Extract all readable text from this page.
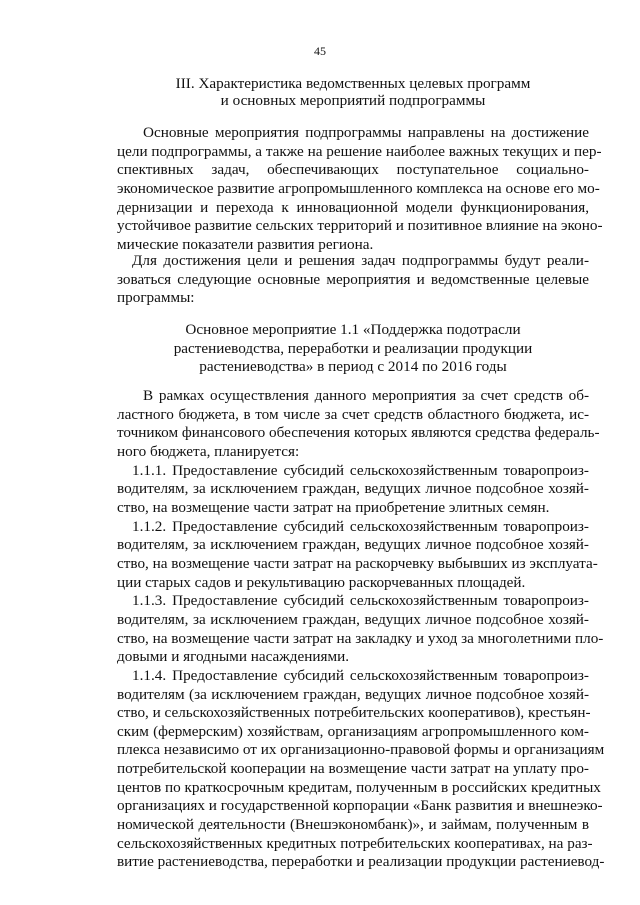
45
III. Характеристика ведомственных целевых программ
и основных мероприятий подпрограммы
Основные мероприятия подпрограммы направлены на достижение
цели подпрограммы, а также на решение наиболее важных текущих и пер-
спективных задач, обеспечивающих поступательное социально-
экономическое развитие агропромышленного комплекса на основе его мо-
дернизации и перехода к инновационной модели функционирования,
устойчивое развитие сельских территорий и позитивное влияние на эконо-
мические показатели развития региона.
Для достижения цели и решения задач подпрограммы будут реали-
зоваться следующие основные мероприятия и ведомственные целевые
программы:
Основное мероприятие 1.1 «Поддержка подотрасли
растениеводства, переработки и реализации продукции
растениеводства» в период с 2014 по 2016 годы
В рамках осуществления данного мероприятия за счет средств об-
ластного бюджета, в том числе за счет средств областного бюджета, ис-
точником финансового обеспечения которых являются средства федераль-
ного бюджета, планируется:
1.1.1. Предоставление субсидий сельскохозяйственным товаропроиз-
водителям, за исключением граждан, ведущих личное подсобное хозяй-
ство, на возмещение части затрат на приобретение элитных семян.
1.1.2. Предоставление субсидий сельскохозяйственным товаропроиз-
водителям, за исключением граждан, ведущих личное подсобное хозяй-
ство, на возмещение части затрат на раскорчевку выбывших из эксплуата-
ции старых садов и рекультивацию раскорчеванных площадей.
1.1.3. Предоставление субсидий сельскохозяйственным товаропроиз-
водителям, за исключением граждан, ведущих личное подсобное хозяй-
ство, на возмещение части затрат на закладку и уход за многолетними пло-
довыми и ягодными насаждениями.
1.1.4. Предоставление субсидий сельскохозяйственным товаропроиз-
водителям (за исключением граждан, ведущих личное подсобное хозяй-
ство, и сельскохозяйственных потребительских кооперативов), крестьян-
ским (фермерским) хозяйствам, организациям агропромышленного ком-
плекса независимо от их организационно-правовой формы и организациям
потребительской кооперации на возмещение части затрат на уплату про-
центов по краткосрочным кредитам, полученным в российских кредитных
организациях и государственной корпорации «Банк развития и внешнеэко-
номической деятельности (Внешэкономбанк)», и займам, полученным в
сельскохозяйственных кредитных потребительских кооперативах, на раз-
витие растениеводства, переработки и реализации продукции растениевод-
